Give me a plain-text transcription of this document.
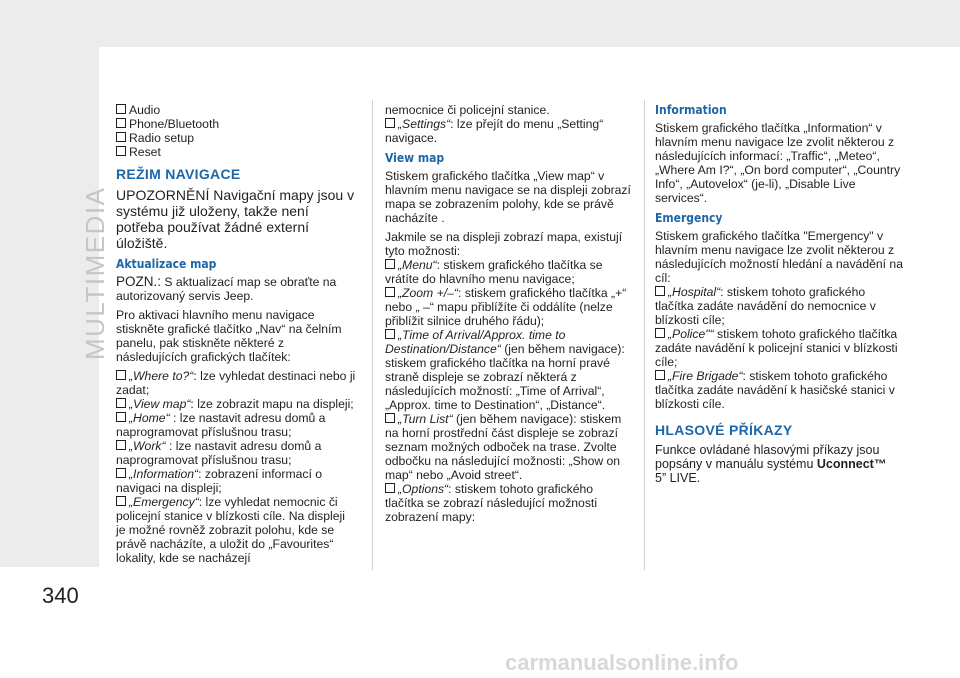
MULTIMEDIA
Audio
Phone/Bluetooth
Radio setup
Reset
REŽIM NAVIGACE

UPOZORNĚNÍ Navigační mapy jsou v systému již uloženy, takže není potřeba používat žádné externí úložiště.

Aktualizace map

POZN.: S aktualizací map se obraťte na autorizovaný servis Jeep.

Pro aktivaci hlavního menu navigace stiskněte grafické tlačítko „Nav“ na čelním panelu, pak stiskněte některé z následujících grafických tlačítek:

„Where to?“: lze vyhledat destinaci nebo ji zadat;
„View map“: lze zobrazit mapu na displeji;
„Home“ : lze nastavit adresu domů a naprogramovat příslušnou trasu;
„Work“ : lze nastavit adresu domů a naprogramovat příslušnou trasu;
„Information“: zobrazení informací o navigaci na displeji;
„Emergency“: lze vyhledat nemocnic či policejní stanice v blízkosti cíle. Na displeji je možné rovněž zobrazit polohu, kde se právě nacházíte, a uložit do „Favourites“ lokality, kde se nacházejí
nemocnice či policejní stanice.
„Settings“: lze přejít do menu „Setting“ navigace.
View map

Stiskem grafického tlačítka „View map“ v hlavním menu navigace se na displeji zobrazí mapa se zobrazením polohy, kde se právě nacházíte .

Jakmile se na displeji zobrazí mapa, existují tyto možnosti:
„Menu“: stiskem grafického tlačítka se vrátíte do hlavního menu navigace;
„Zoom +/–“: stiskem grafického tlačítka „+“ nebo „ –“ mapu přiblížíte či oddálíte (nelze přiblížit silnice druhého řádu);
„Time of Arrival/Approx. time to Destination/Distance“ (jen během navigace): stiskem grafického tlačítka na horní pravé straně displeje se zobrazí některá z následujících možností: „Time of Arrival“, „Approx. time to Destination“, „Distance“.
„Turn List“ (jen během navigace): stiskem na horní prostřední část displeje se zobrazí seznam možných odboček na trase. Zvolte odbočku na následující možnosti: „Show on map“ nebo „Avoid street“.
„Options“: stiskem tohoto grafického tlačítka se zobrazí následující možnosti zobrazení mapy:
Information

Stiskem grafického tlačítka „Information“ v hlavním menu navigace lze zvolit některou z následujících informací: „Traffic“, „Meteo“, „Where Am I?“, „On bord computer“, „Country Info“, „Autovelox“ (je-li), „Disable Live services“.

Emergency
Stiskem grafického tlačítka "Emergency" v hlavním menu navigace lze zvolit některou z následujících možností hledání a navádění na cíl:
„Hospital“: stiskem tohoto grafického tlačítka zadáte navádění do nemocnice v blízkosti cíle;
„Police"“ stiskem tohoto grafického tlačítka zadáte navádění k policejní stanici v blízkosti cíle;
„Fire Brigade“: stiskem tohoto grafického tlačítka zadáte navádění k hasičské stanici v blízkosti cíle.
HLASOVÉ PŘÍKAZY

Funkce ovládané hlasovými příkazy jsou popsány v manuálu systému Uconnect™
5” LIVE.

340
carmanualsonline.info
